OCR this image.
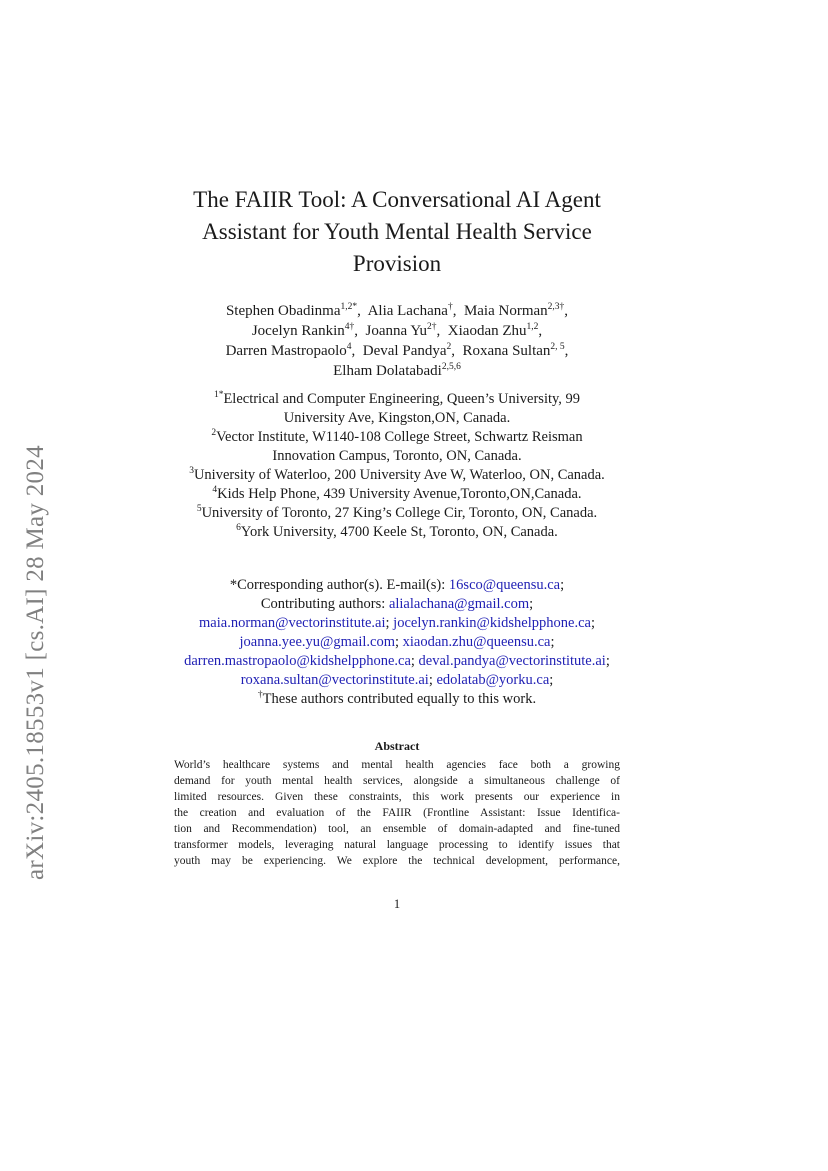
arXiv:2405.18553v1 [cs.AI] 28 May 2024
The FAIIR Tool: A Conversational AI Agent
Assistant for Youth Mental Health Service
Provision
Stephen Obadinma$^{1,2*}$,  Alia Lachana†,  Maia Norman$^{2,3\dagger}$,
Jocelyn Rankin$^{4\dagger}$,  Joanna $Yu^{2\dagger}$,  Xiaodan Zhu$^{1,2}$,
Darren Mastropaolo$^4$,  Deval Pandya$^2$,  Roxana Sultan$^{2, 5}$,
Elham Dolatabadi$^{2,5,6}$
$^{1*}$Electrical and Computer Engineering, Queen’s University, 99
University Ave, Kingston,ON, Canada.
$^2$Vector Institute, W1140-108 College Street, Schwartz Reisman
Innovation Campus, Toronto, ON, Canada.
$^3$University of Waterloo, 200 University Ave W, Waterloo, ON, Canada.
$^4$Kids Help Phone, 439 University Avenue,Toronto,ON,Canada.
$^5$University of Toronto, 27 King’s College Cir, Toronto, ON, Canada.
$^6$York University, 4700 Keele St, Toronto, ON, Canada.
*Corresponding author(s). E-mail(s): 16sco@queensu.ca;
Contributing authors: alialachana@gmail.com;
maia.norman@vectorinstitute.ai; jocelyn.rankin@kidshelpphone.ca;
joanna.yee.yu@gmail.com; xiaodan.zhu@queensu.ca;
darren.mastropaolo@kidshelpphone.ca; deval.pandya@vectorinstitute.ai;
roxana.sultan@vectorinstitute.ai; edolatab@yorku.ca;
†These authors contributed equally to this work.
Abstract
World’s healthcare systems and mental health agencies face both a growing
demand for youth mental health services, alongside a simultaneous challenge of
limited resources. Given these constraints, this work presents our experience in
the creation and evaluation of the FAIIR (Frontline Assistant: Issue Identifica-
tion and Recommendation) tool, an ensemble of domain-adapted and fine-tuned
transformer models, leveraging natural language processing to identify issues that
youth may be experiencing. We explore the technical development, performance,
1
